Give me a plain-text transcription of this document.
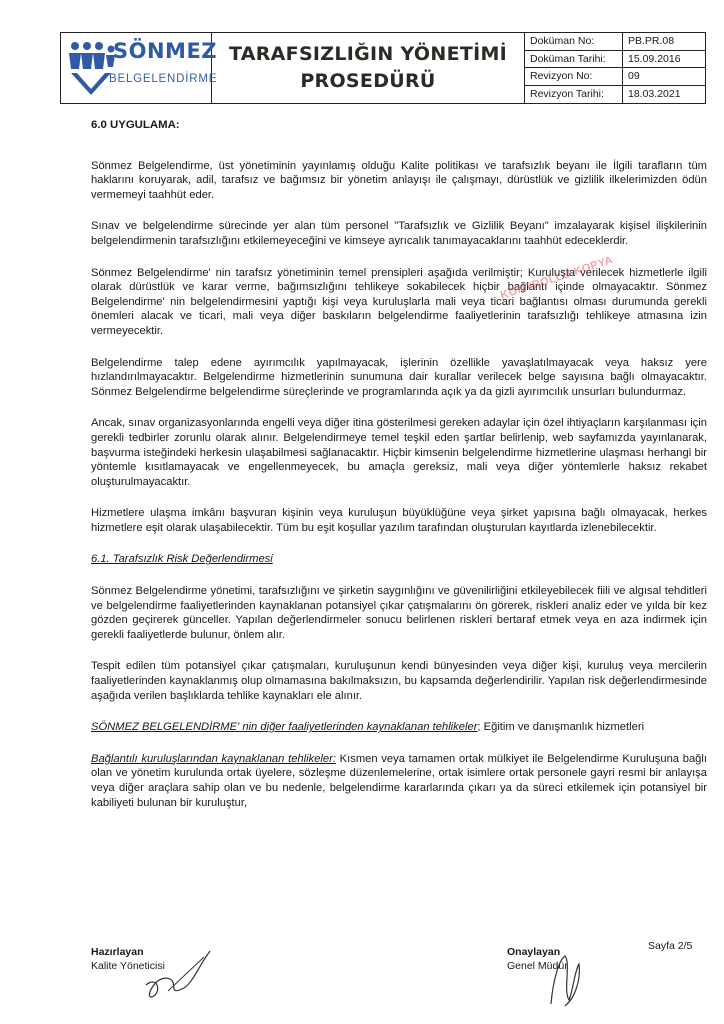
SÖNMEZ
BELGELENDİRME
TARAFSIZLIĞIN YÖNETİMİ
PROSEDÜRÜ
Doküman No:	PB.PR.08
Doküman Tarihi:	15.09.2016
Revizyon No:	09
Revizyon Tarihi:	18.03.2021
6.0 UYGULAMA:

Sönmez Belgelendirme, üst yönetiminin yayınlamış olduğu Kalite politikası ve tarafsızlık beyanı ile İlgili tarafların tüm haklarını koruyarak, adil, tarafsız ve bağımsız bir yönetim anlayışı ile çalışmayı, dürüstlük ve gizlilik ilkelerimizden ödün vermemeyi taahhüt eder.

Sınav ve belgelendirme sürecinde yer alan tüm personel "Tarafsızlık ve Gizlilik Beyanı" imzalayarak kişisel ilişkilerinin belgelendirmenin tarafsızlığını etkilemeyeceğini ve kimseye ayrıcalık tanımayacaklarını taahhüt edeceklerdir.

Sönmez Belgelendirme' nin tarafsız yönetiminin temel prensipleri aşağıda verilmiştir; Kuruluşta verilecek hizmetlerle ilgili olarak dürüstlük ve karar verme, bağımsızlığını tehlikeye sokabilecek hiçbir bağlantı içinde olmayacaktır. Sönmez Belgelendirme' nin belgelendirmesini yaptığı kişi veya kuruluşlarla mali veya ticari bağlantısı olması durumunda gerekli önemleri alacak ve ticari, mali veya diğer baskıların belgelendirme faaliyetlerinin tarafsızlığı tehlikeye atmasına izin vermeyecektir.

Belgelendirme talep edene ayırımcılık yapılmayacak, işlerinin özellikle yavaşlatılmayacak veya haksız yere hızlandırılmayacaktır. Belgelendirme hizmetlerinin sunumuna dair kurallar verilecek belge sayısına bağlı olmayacaktır. Sönmez Belgelendirme belgelendirme süreçlerinde ve programlarında açık ya da gizli ayırımcılık unsurları bulundurmaz.

Ancak, sınav organizasyonlarında engelli veya diğer itina gösterilmesi gereken adaylar için özel ihtiyaçların karşılanması için gerekli tedbirler zorunlu olarak alınır. Belgelendirmeye temel teşkil eden şartlar belirlenip, web sayfamızda yayınlanarak, başvurma isteğindeki herkesin ulaşabilmesi sağlanacaktır. Hiçbir kimsenin belgelendirme hizmetlerine ulaşması herhangi bir yöntemle kısıtlamayacak ve engellenmeyecek, bu amaçla gereksiz, mali veya diğer yöntemlerle haksız rekabet oluşturulmayacaktır.

Hizmetlere ulaşma imkânı başvuran kişinin veya kuruluşun büyüklüğüne veya şirket yapısına bağlı olmayacak, herkes hizmetlere eşit olarak ulaşabilecektir. Tüm bu eşit koşullar yazılım tarafından oluşturulan kayıtlarda izlenebilecektir.

6.1. Tarafsızlık Risk Değerlendirmesi

Sönmez Belgelendirme yönetimi, tarafsızlığını ve şirketin saygınlığını ve güvenilirliğini etkileyebilecek fiili ve algısal tehditleri ve belgelendirme faaliyetlerinden kaynaklanan potansiyel çıkar çatışmalarını ön görerek, riskleri analiz eder ve yılda bir kez gözden geçirerek günceller. Yapılan değerlendirmeler sonucu belirlenen riskleri bertaraf etmek veya en aza indirmek için gerekli faaliyetlerde bulunur, önlem alır.

Tespit edilen tüm potansiyel çıkar çatışmaları, kuruluşunun kendi bünyesinden veya diğer kişi, kuruluş veya mercilerin faaliyetlerinden kaynaklanmış olup olmamasına bakılmaksızın, bu kapsamda değerlendirilir. Yapılan risk değerlendirmesinde aşağıda verilen başlıklarda tehlike kaynakları ele alınır.

SÖNMEZ BELGELENDİRME' nin diğer faaliyetlerinden kaynaklanan tehlikeler; Eğitim ve danışmanlık hizmetleri

Bağlantılı kuruluşlarından kaynaklanan tehlikeler: Kısmen veya tamamen ortak mülkiyet ile Belgelendirme Kuruluşuna bağlı olan ve yönetim kurulunda ortak üyelere, sözleşme düzenlemelerine, ortak isimlere ortak personele gayri resmi bir anlayışa veya diğer araçlara sahip olan ve bu nedenle, belgelendirme kararlarında çıkarı ya da süreci etkilemek için potansiyel bir kabiliyeti bulunan bir kuruluştur,

KONTROLLÜ KOPYA
Hazırlayan
Kalite Yöneticisi
Onaylayan
Genel Müdür
Sayfa 2/5
